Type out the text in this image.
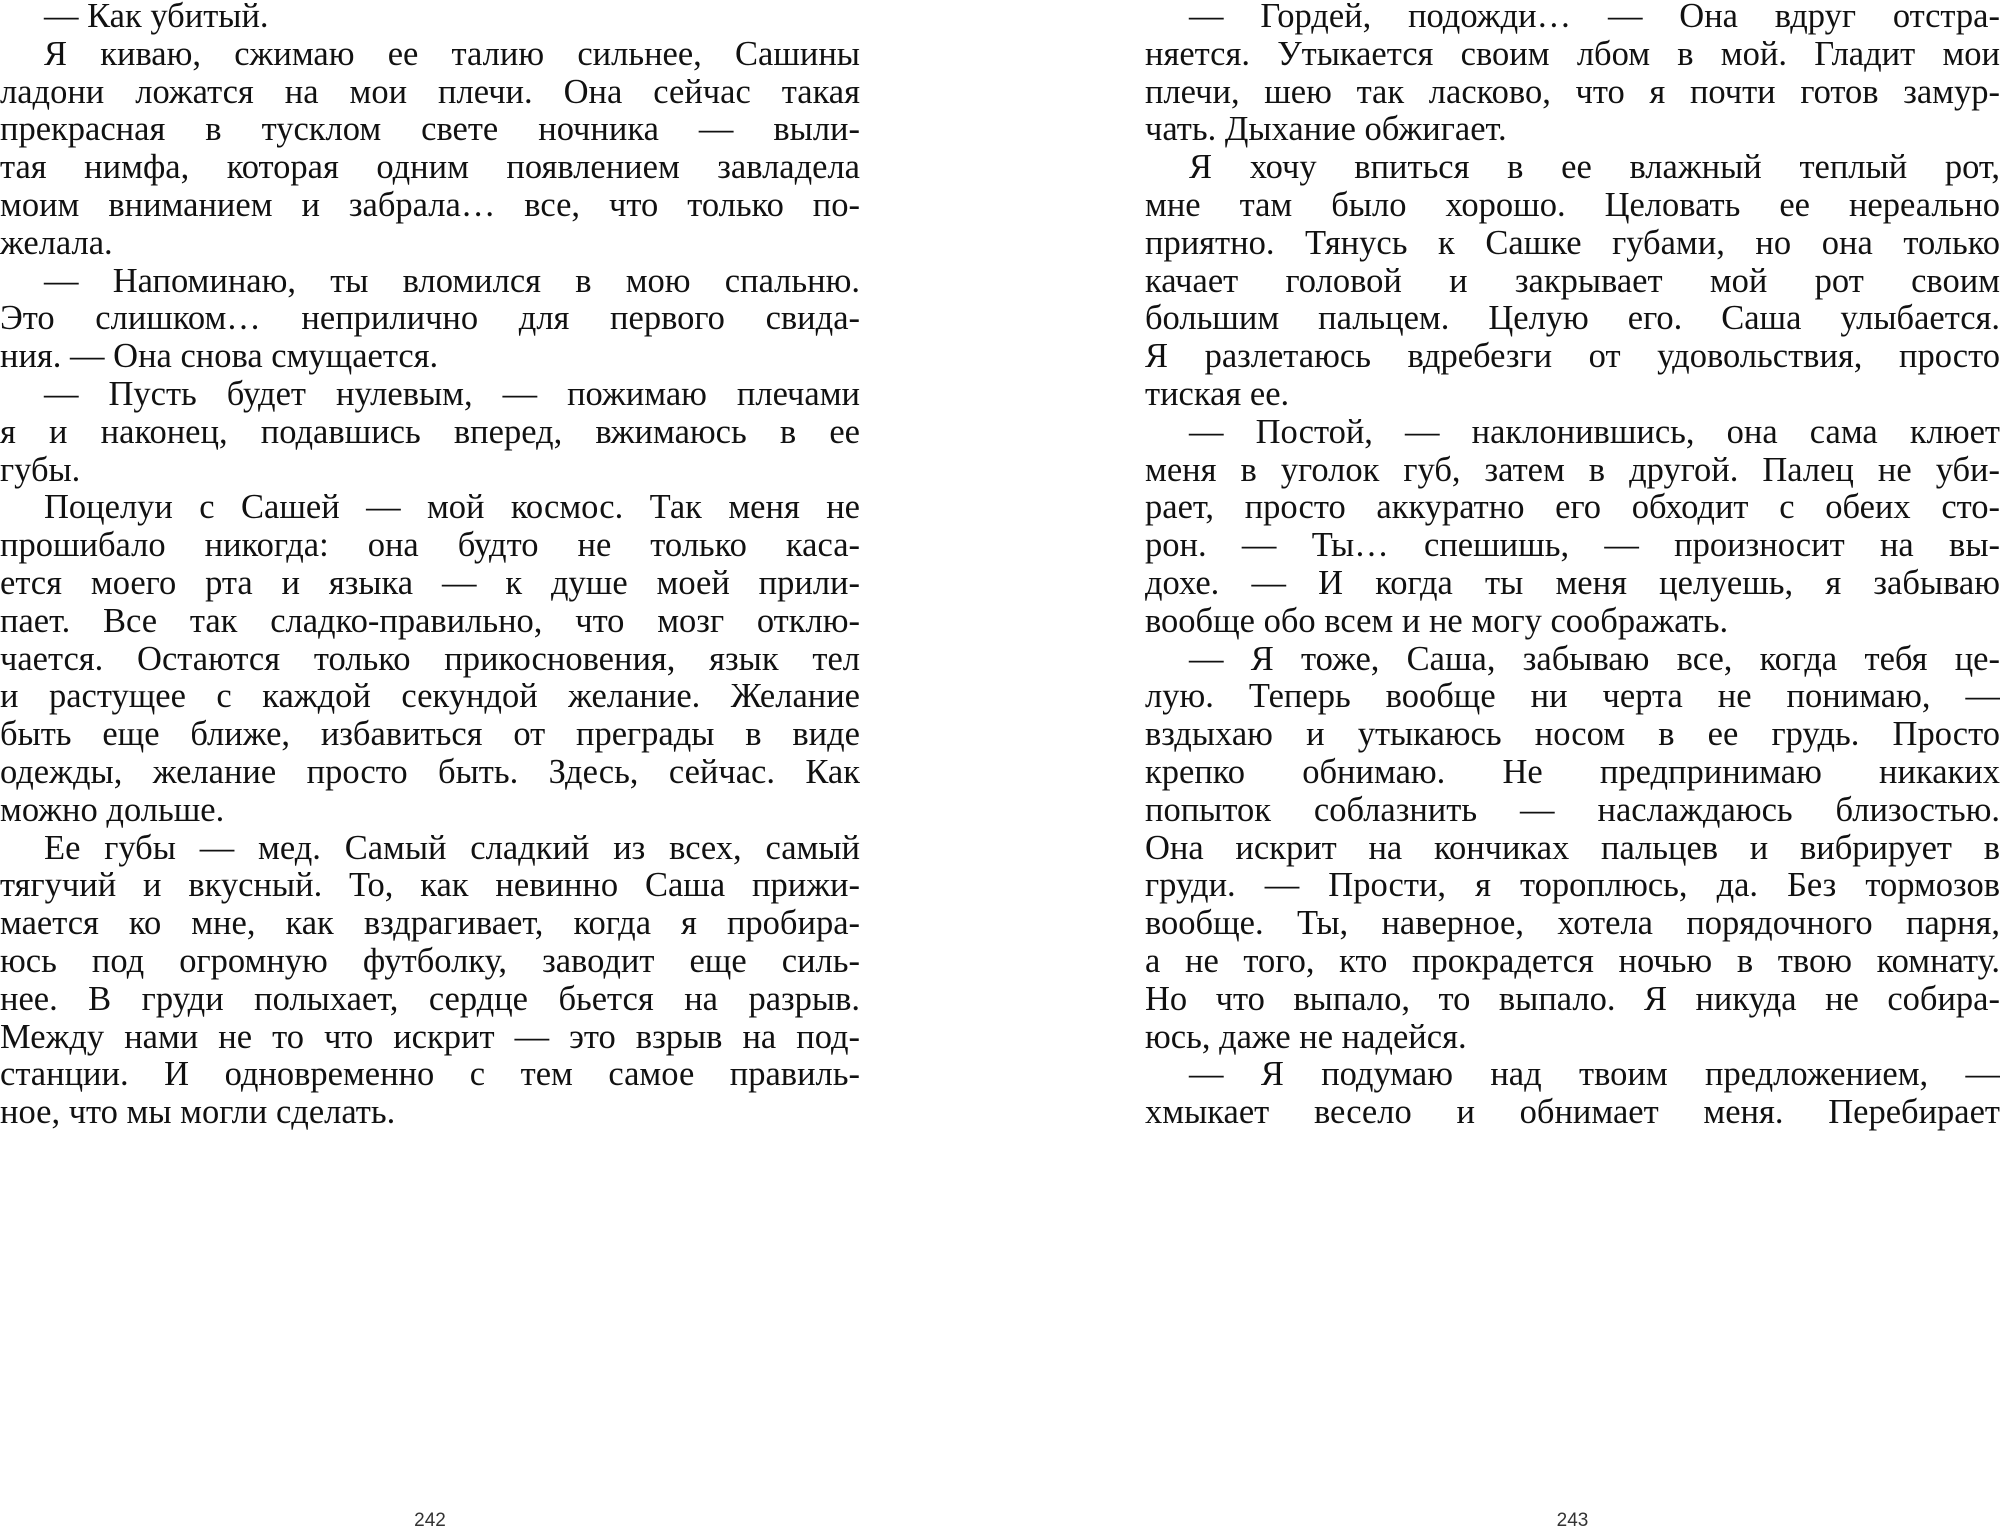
— Как убитый.
Я киваю, сжимаю ее талию сильнее, Сашины
ладони ложатся на мои плечи. Она сейчас такая
прекрасная в тусклом свете ночника — выли-
тая нимфа, которая одним появлением завладела
моим вниманием и забрала… все, что только по-
желала.
— Напоминаю, ты вломился в мою спальню.
Это слишком… неприлично для первого свида-
ния. — Она снова смущается.
— Пусть будет нулевым, — пожимаю плечами
я и наконец, подавшись вперед, вжимаюсь в ее
губы.
Поцелуи с Сашей — мой космос. Так меня не
прошибало никогда: она будто не только каса-
ется моего рта и языка — к душе моей прили-
пает. Все так сладко-правильно, что мозг отклю-
чается. Остаются только прикосновения, язык тел
и растущее с каждой секундой желание. Желание
быть еще ближе, избавиться от преграды в виде
одежды, желание просто быть. Здесь, сейчас. Как
можно дольше.
Ее губы — мед. Самый сладкий из всех, самый
тягучий и вкусный. То, как невинно Саша прижи-
мается ко мне, как вздрагивает, когда я пробира-
юсь под огромную футболку, заводит еще силь-
нее. В груди полыхает, сердце бьется на разрыв.
Между нами не то что искрит — это взрыв на под-
станции. И одновременно с тем самое правиль-
ное, что мы могли сделать.
242
— Гордей, подожди… — Она вдруг отстра-
няется. Утыкается своим лбом в мой. Гладит мои
плечи, шею так ласково, что я почти готов замур-
чать. Дыхание обжигает.
Я хочу впиться в ее влажный теплый рот,
мне там было хорошо. Целовать ее нереально
приятно. Тянусь к Сашке губами, но она только
качает головой и закрывает мой рот своим
большим пальцем. Целую его. Саша улыбается.
Я разлетаюсь вдребезги от удовольствия, просто
тиская ее.
— Постой, — наклонившись, она сама клюет
меня в уголок губ, затем в другой. Палец не уби-
рает, просто аккуратно его обходит с обеих сто-
рон. — Ты… спешишь, — произносит на вы-
дохе. — И когда ты меня целуешь, я забываю
вообще обо всем и не могу соображать.
— Я тоже, Саша, забываю все, когда тебя це-
лую. Теперь вообще ни черта не понимаю, —
вздыхаю и утыкаюсь носом в ее грудь. Просто
крепко обнимаю. Не предпринимаю никаких
попыток соблазнить — наслаждаюсь близостью.
Она искрит на кончиках пальцев и вибрирует в
груди. — Прости, я тороплюсь, да. Без тормозов
вообще. Ты, наверное, хотела порядочного парня,
а не того, кто прокрадется ночью в твою комнату.
Но что выпало, то выпало. Я никуда не собира-
юсь, даже не надейся.
— Я подумаю над твоим предложением, —
хмыкает весело и обнимает меня. Перебирает
243
